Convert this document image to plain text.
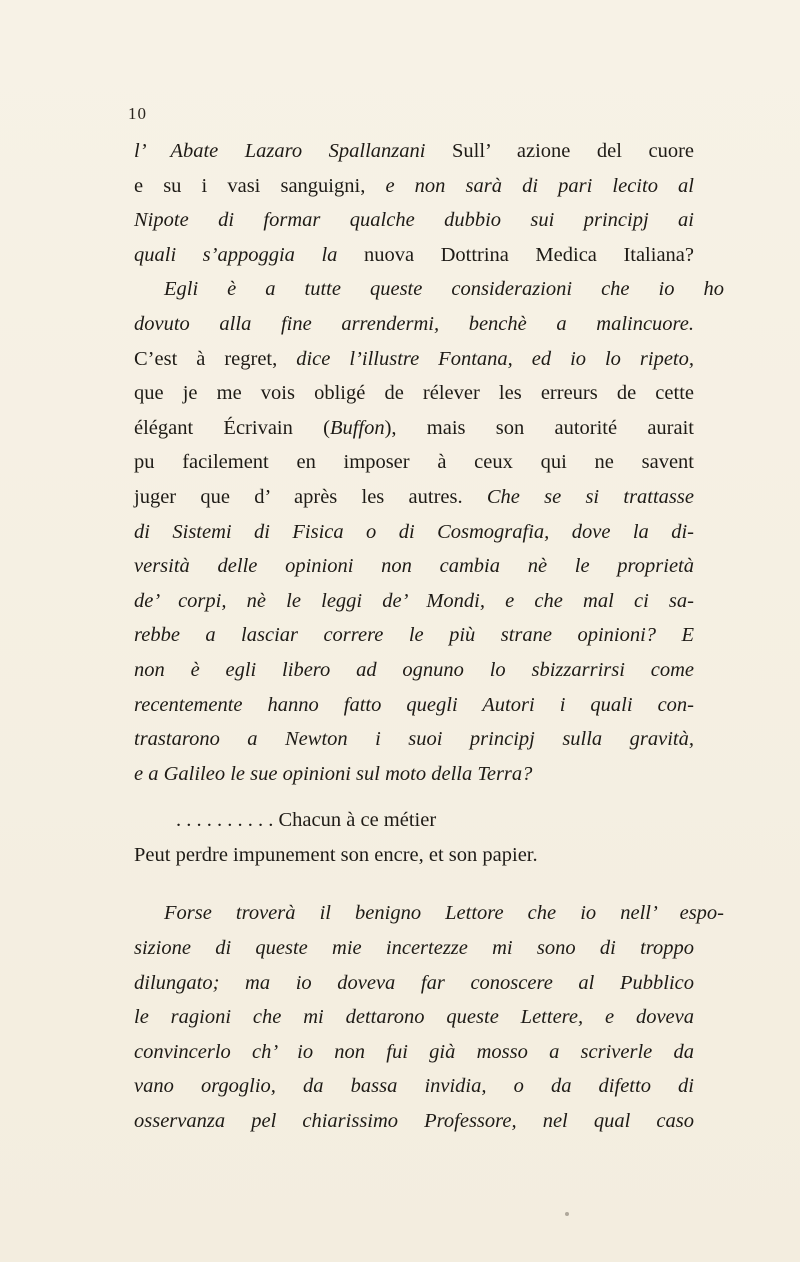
10
l’ Abate Lazaro Spallanzani Sull’ azione del cuore
e su i vasi sanguigni, e non sarà di pari lecito al
Nipote di formar qualche dubbio sui principj ai
quali s’appoggia la nuova Dottrina Medica Italiana?
Egli è a tutte queste considerazioni che io ho
dovuto alla fine arrendermi, benchè a malincuore.
C’est à regret, dice l’illustre Fontana, ed io lo ripeto,
que je me vois obligé de rélever les erreurs de cette
élégant Écrivain (Buffon), mais son autorité aurait
pu facilement en imposer à ceux qui ne savent
juger que d’ après les autres. Che se si trattasse
di Sistemi di Fisica o di Cosmografia, dove la di-
versità delle opinioni non cambia nè le proprietà
de’ corpi, nè le leggi de’ Mondi, e che mal ci sa-
rebbe a lasciar correre le più strane opinioni? E
non è egli libero ad ognuno lo sbizzarrirsi come
recentemente hanno fatto quegli Autori i quali con-
trastarono a Newton i suoi principj sulla gravità,
e a Galileo le sue opinioni sul moto della Terra?
. . . . . . . . . . Chacun à ce métier
Peut perdre impunement son encre, et son papier.
Forse troverà il benigno Lettore che io nell’ espo-
sizione di queste mie incertezze mi sono di troppo
dilungato; ma io doveva far conoscere al Pubblico
le ragioni che mi dettarono queste Lettere, e doveva
convincerlo ch’ io non fui già mosso a scriverle da
vano orgoglio, da bassa invidia, o da difetto di
osservanza pel chiarissimo Professore, nel qual caso
